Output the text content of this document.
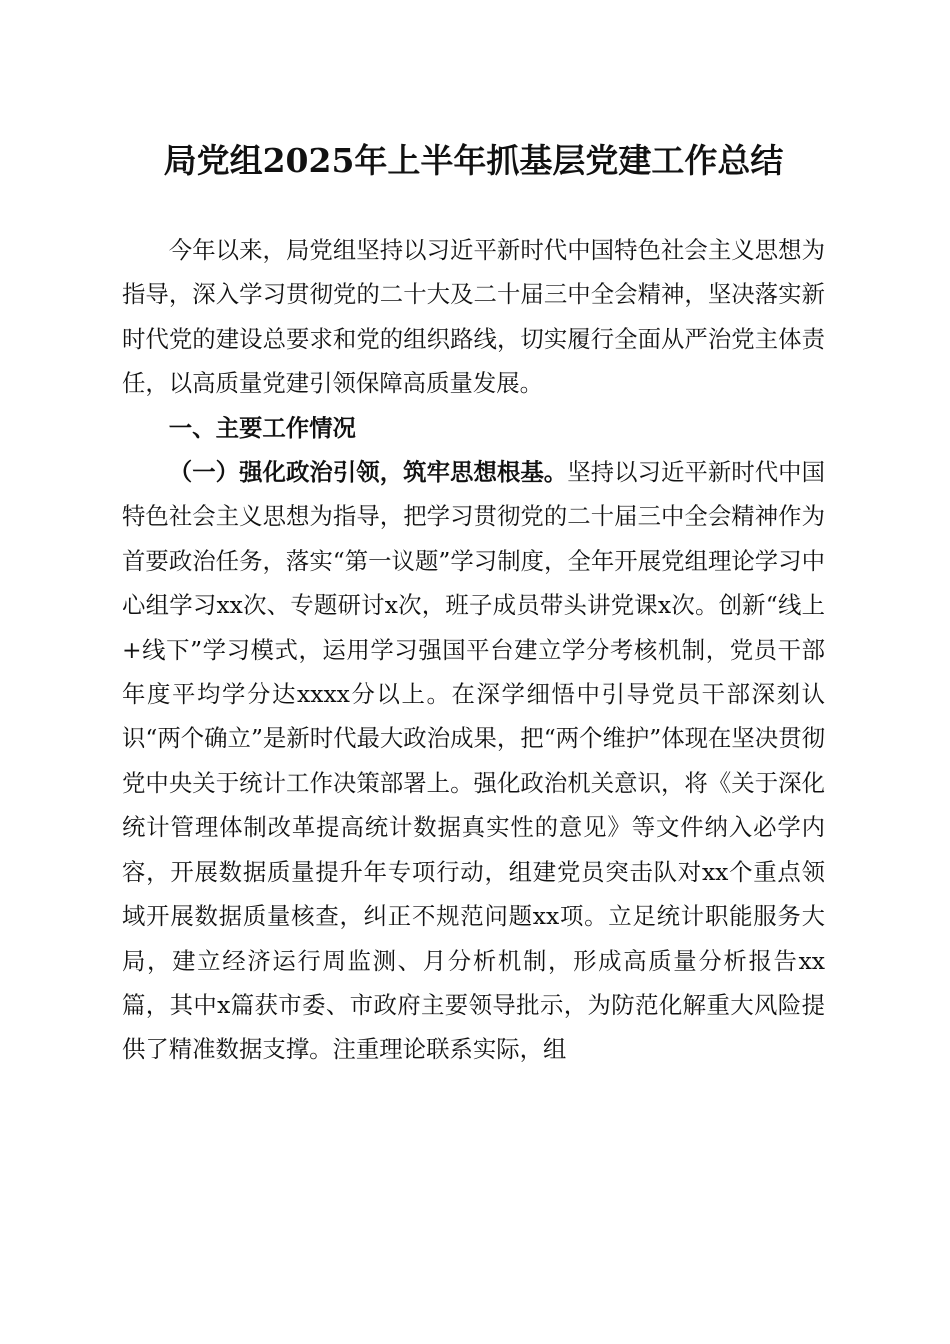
局党组2025年上半年抓基层党建工作总结

今年以来，局党组坚持以习近平新时代中国特色社会主义思想为指导，深入学习贯彻党的二十大及二十届三中全会精神，坚决落实新时代党的建设总要求和党的组织路线，切实履行全面从严治党主体责任，以高质量党建引领保障高质量发展。

一、主要工作情况

（一）强化政治引领，筑牢思想根基。坚持以习近平新时代中国特色社会主义思想为指导，把学习贯彻党的二十届三中全会精神作为首要政治任务，落实“第一议题”学习制度，全年开展党组理论学习中心组学习xx次、专题研讨x次，班子成员带头讲党课x次。创新“线上+线下”学习模式，运用学习强国平台建立学分考核机制，党员干部年度平均学分达xxxx分以上。在深学细悟中引导党员干部深刻认识“两个确立”是新时代最大政治成果，把“两个维护”体现在坚决贯彻党中央关于统计工作决策部署上。强化政治机关意识，将《关于深化统计管理体制改革提高统计数据真实性的意见》等文件纳入必学内容，开展数据质量提升年专项行动，组建党员突击队对xx个重点领域开展数据质量核查，纠正不规范问题xx项。立足统计职能服务大局，建立经济运行周监测、月分析机制，形成高质量分析报告xx篇，其中x篇获市委、市政府主要领导批示，为防范化解重大风险提供了精准数据支撑。注重理论联系实际，组
